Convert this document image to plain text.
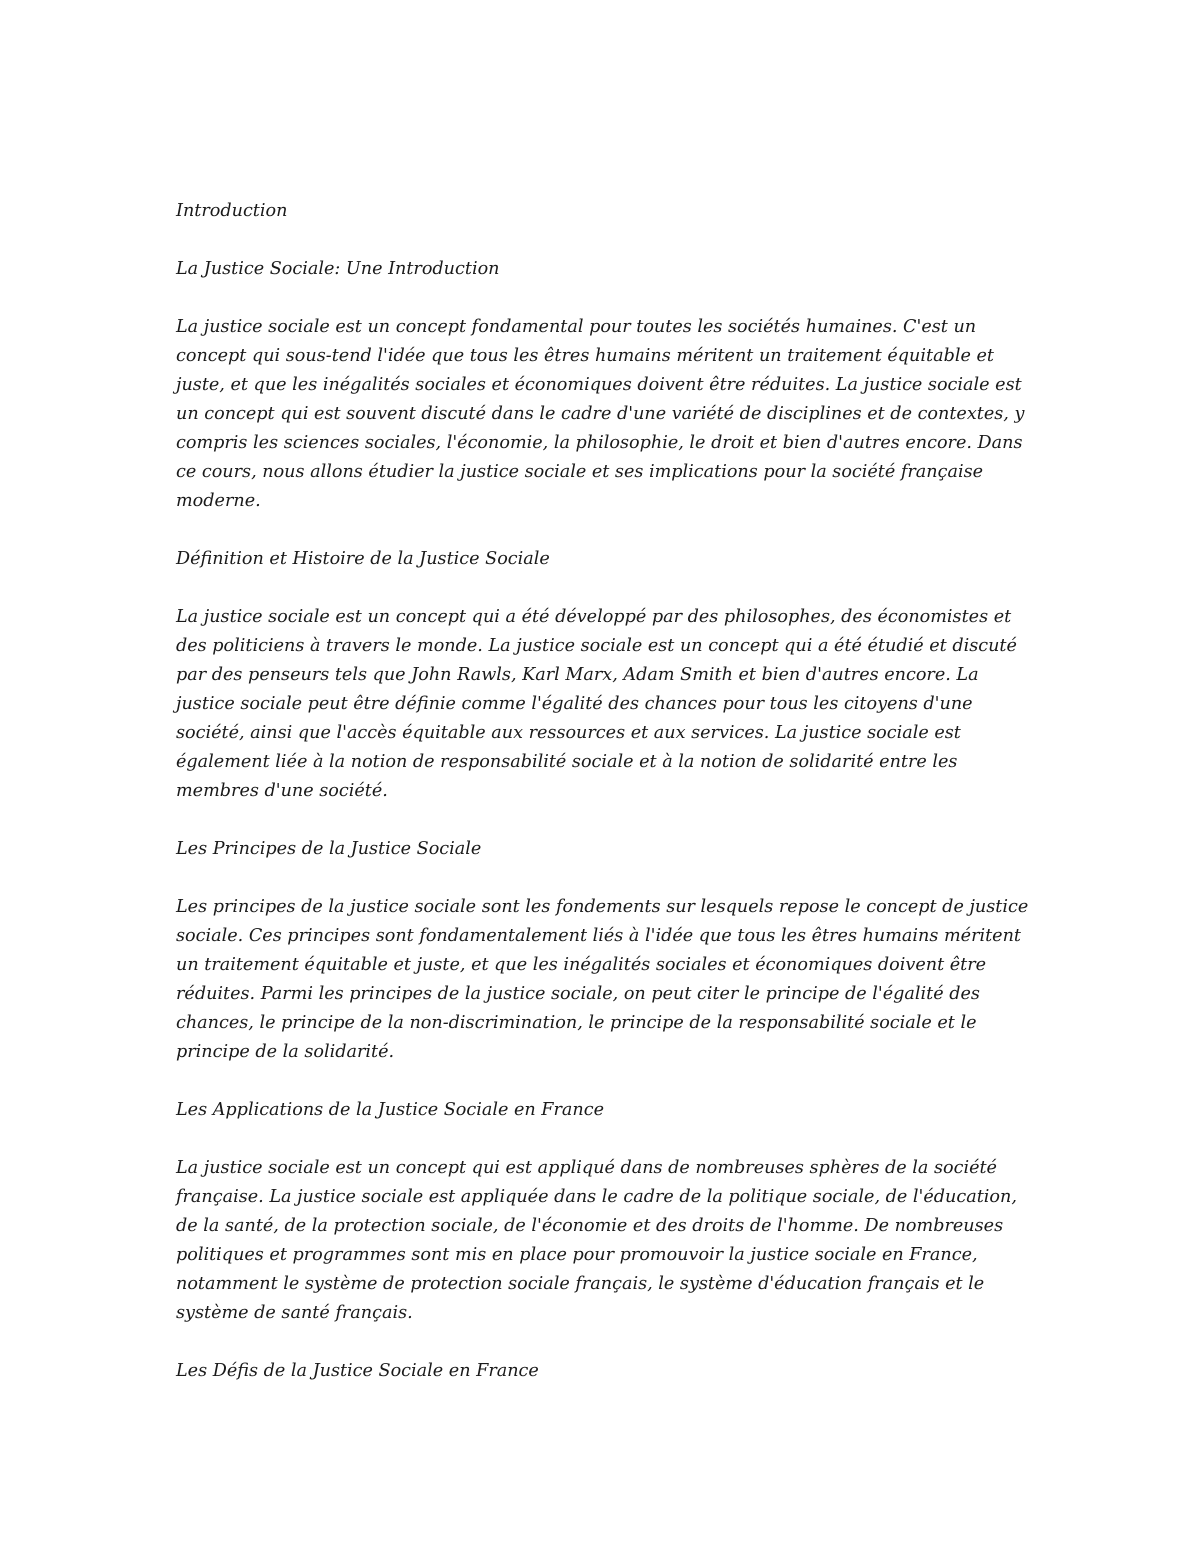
Introduction

La Justice Sociale: Une Introduction

La justice sociale est un concept fondamental pour toutes les sociétés humaines. C'est un concept qui sous-tend l'idée que tous les êtres humains méritent un traitement équitable et juste, et que les inégalités sociales et économiques doivent être réduites. La justice sociale est un concept qui est souvent discuté dans le cadre d'une variété de disciplines et de contextes, y compris les sciences sociales, l'économie, la philosophie, le droit et bien d'autres encore. Dans ce cours, nous allons étudier la justice sociale et ses implications pour la société française moderne.

Définition et Histoire de la Justice Sociale

La justice sociale est un concept qui a été développé par des philosophes, des économistes et des politiciens à travers le monde. La justice sociale est un concept qui a été étudié et discuté par des penseurs tels que John Rawls, Karl Marx, Adam Smith et bien d'autres encore. La justice sociale peut être définie comme l'égalité des chances pour tous les citoyens d'une société, ainsi que l'accès équitable aux ressources et aux services. La justice sociale est également liée à la notion de responsabilité sociale et à la notion de solidarité entre les membres d'une société.

Les Principes de la Justice Sociale

Les principes de la justice sociale sont les fondements sur lesquels repose le concept de justice sociale. Ces principes sont fondamentalement liés à l'idée que tous les êtres humains méritent un traitement équitable et juste, et que les inégalités sociales et économiques doivent être réduites. Parmi les principes de la justice sociale, on peut citer le principe de l'égalité des chances, le principe de la non-discrimination, le principe de la responsabilité sociale et le principe de la solidarité.

Les Applications de la Justice Sociale en France

La justice sociale est un concept qui est appliqué dans de nombreuses sphères de la société française. La justice sociale est appliquée dans le cadre de la politique sociale, de l'éducation, de la santé, de la protection sociale, de l'économie et des droits de l'homme. De nombreuses politiques et programmes sont mis en place pour promouvoir la justice sociale en France, notamment le système de protection sociale français, le système d'éducation français et le système de santé français.

Les Défis de la Justice Sociale en France
